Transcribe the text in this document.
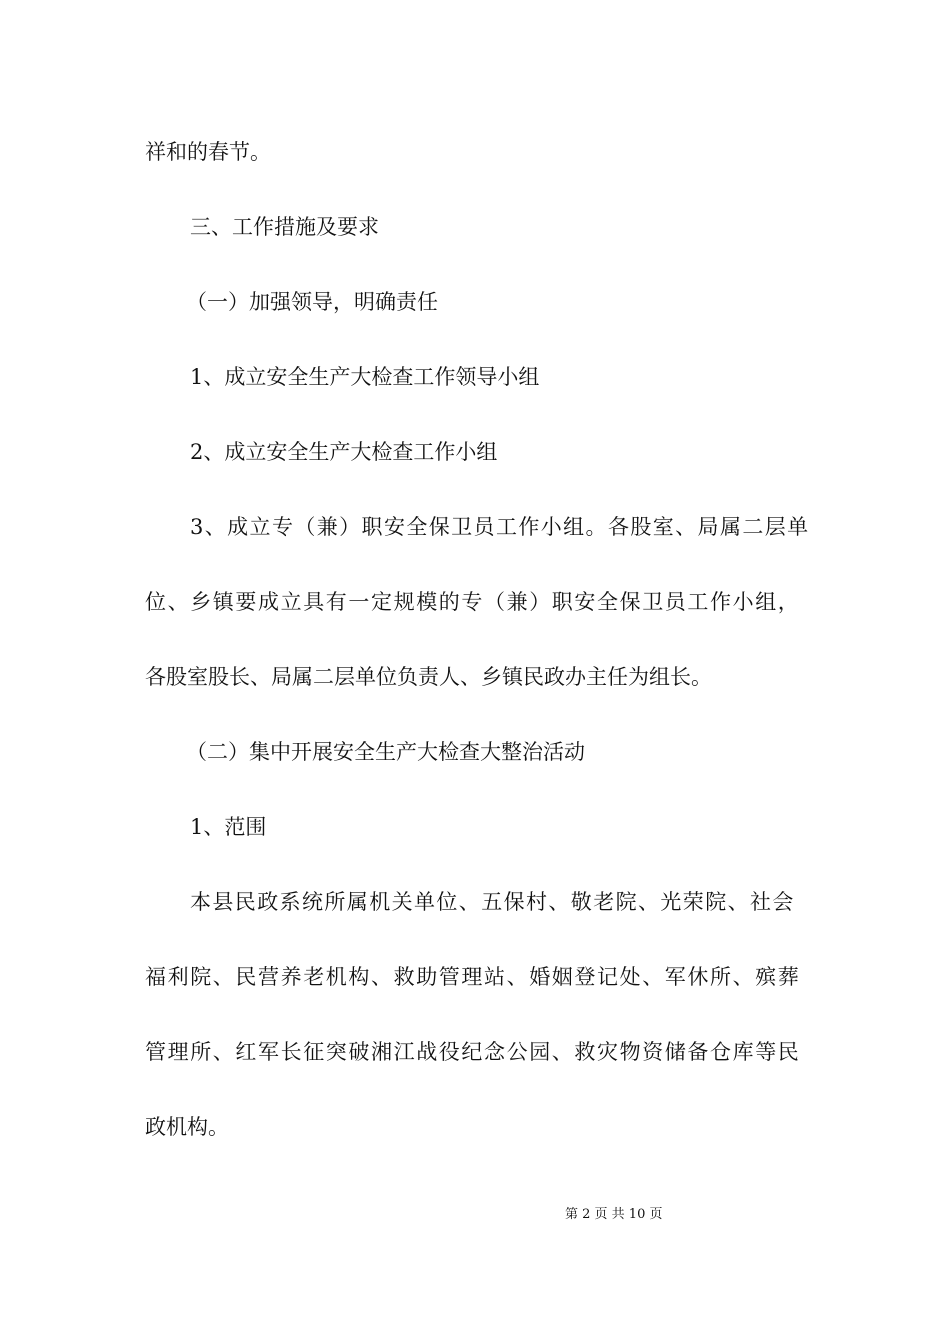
祥和的春节。
三、工作措施及要求
（一）加强领导，明确责任
1、成立安全生产大检查工作领导小组
2、成立安全生产大检查工作小组
3、成立专（兼）职安全保卫员工作小组。各股室、局属二层单
位、乡镇要成立具有一定规模的专（兼）职安全保卫员工作小组，
各股室股长、局属二层单位负责人、乡镇民政办主任为组长。
（二）集中开展安全生产大检查大整治活动
1、范围
本县民政系统所属机关单位、五保村、敬老院、光荣院、社会
福利院、民营养老机构、救助管理站、婚姻登记处、军休所、殡葬
管理所、红军长征突破湘江战役纪念公园、救灾物资储备仓库等民
政机构。
第 2 页 共 10 页
